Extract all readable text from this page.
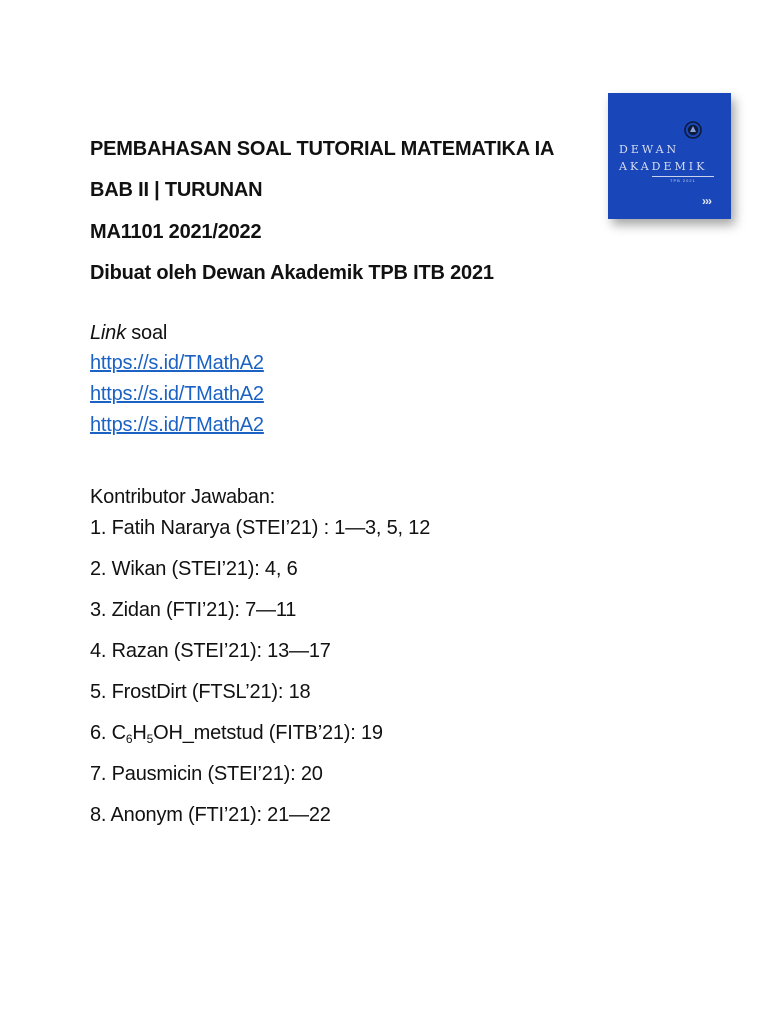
PEMBAHASAN SOAL TUTORIAL MATEMATIKA IA
BAB II | TURUNAN
MA1101 2021/2022
Dibuat oleh Dewan Akademik TPB ITB 2021
DEWAN
AKADEMIK
TPB 2021
›››
Link soal
https://s.id/TMathA2
https://s.id/TMathA2
https://s.id/TMathA2
Kontributor Jawaban:
1. Fatih Nararya (STEI’21) : 1—3, 5, 12
2. Wikan (STEI’21): 4, 6
3. Zidan (FTI’21): 7—11
4. Razan (STEI’21): 13—17
5. FrostDirt (FTSL’21): 18
6. $C_6H_5OH\_metstud$ (FITB’21): 19
7. Pausmicin (STEI’21): 20
8. Anonym (FTI’21): 21—22
